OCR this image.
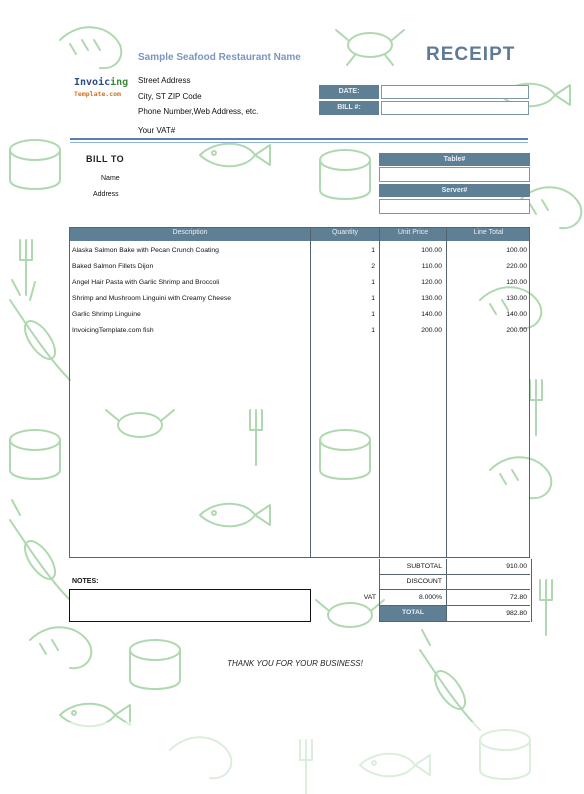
Sample Seafood Restaurant Name	RECEIPT
Invoicing
Template.com
Street Address
City, ST ZIP Code
Phone Number,Web Address, etc.
Your VAT#
DATE:
BILL #:
BILL TO
Name
Address
Table#
Server#
Description	Quantity	Unit Price	Line Total
Alaska Salmon Bake with Pecan Crunch Coating	1	100.00	100.00
Baked Salmon Fillets Dijon	2	110.00	220.00
Angel Hair Pasta with Garlic Shrimp and Broccoli	1	120.00	120.00
Shrimp and Mushroom Linguini with Creamy Cheese	1	130.00	130.00
Garlic Shrimp Linguine	1	140.00	140.00
InvoicingTemplate.com fish	1	200.00	200.00
SUBTOTAL	910.00
DISCOUNT
VAT	8.000%	72.80
TOTAL	982.80
NOTES:
THANK YOU FOR YOUR BUSINESS!
